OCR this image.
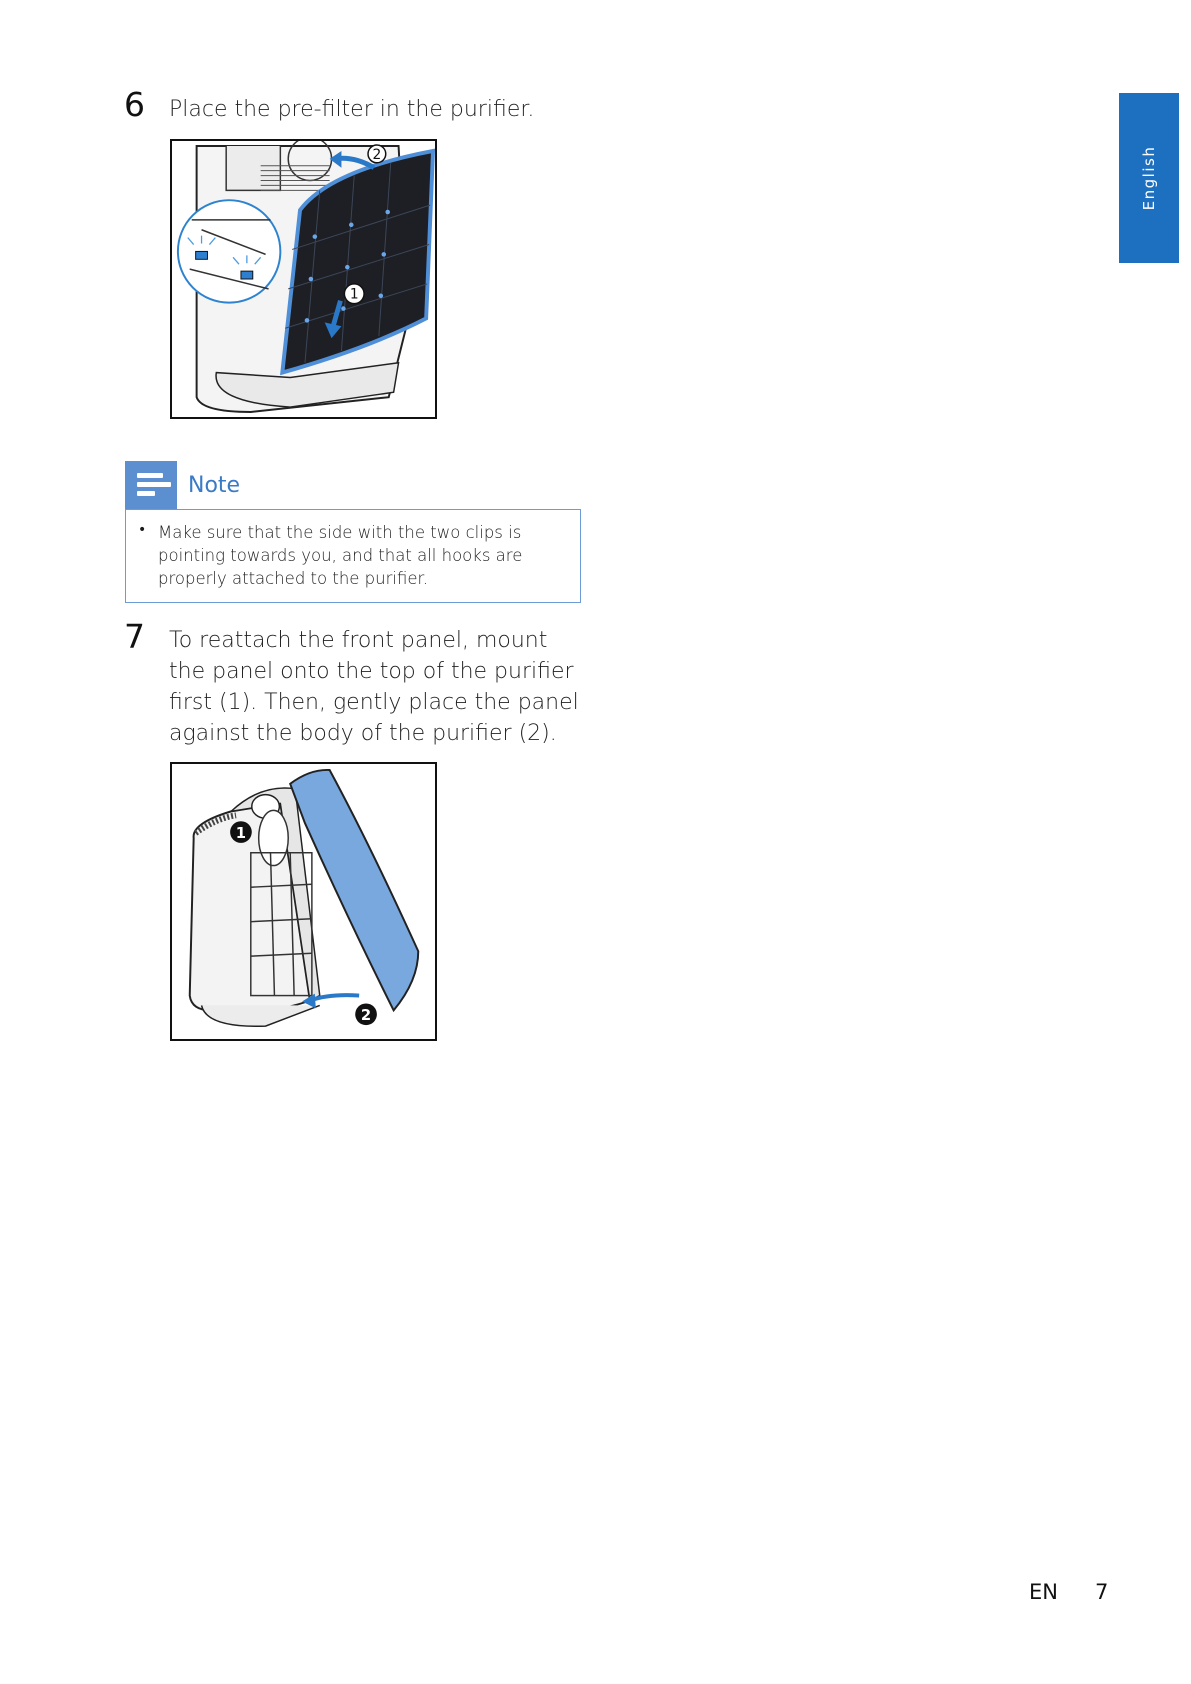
English
6 Place the pre-filter in the purifier.
2
1
Note
• Make sure that the side with the two clips is pointing towards you, and that all hooks are properly attached to the purifier.
7 To reattach the front panel, mount the panel onto the top of the purifier first (1). Then, gently place the panel against the body of the purifier (2).
1
2
EN 7
